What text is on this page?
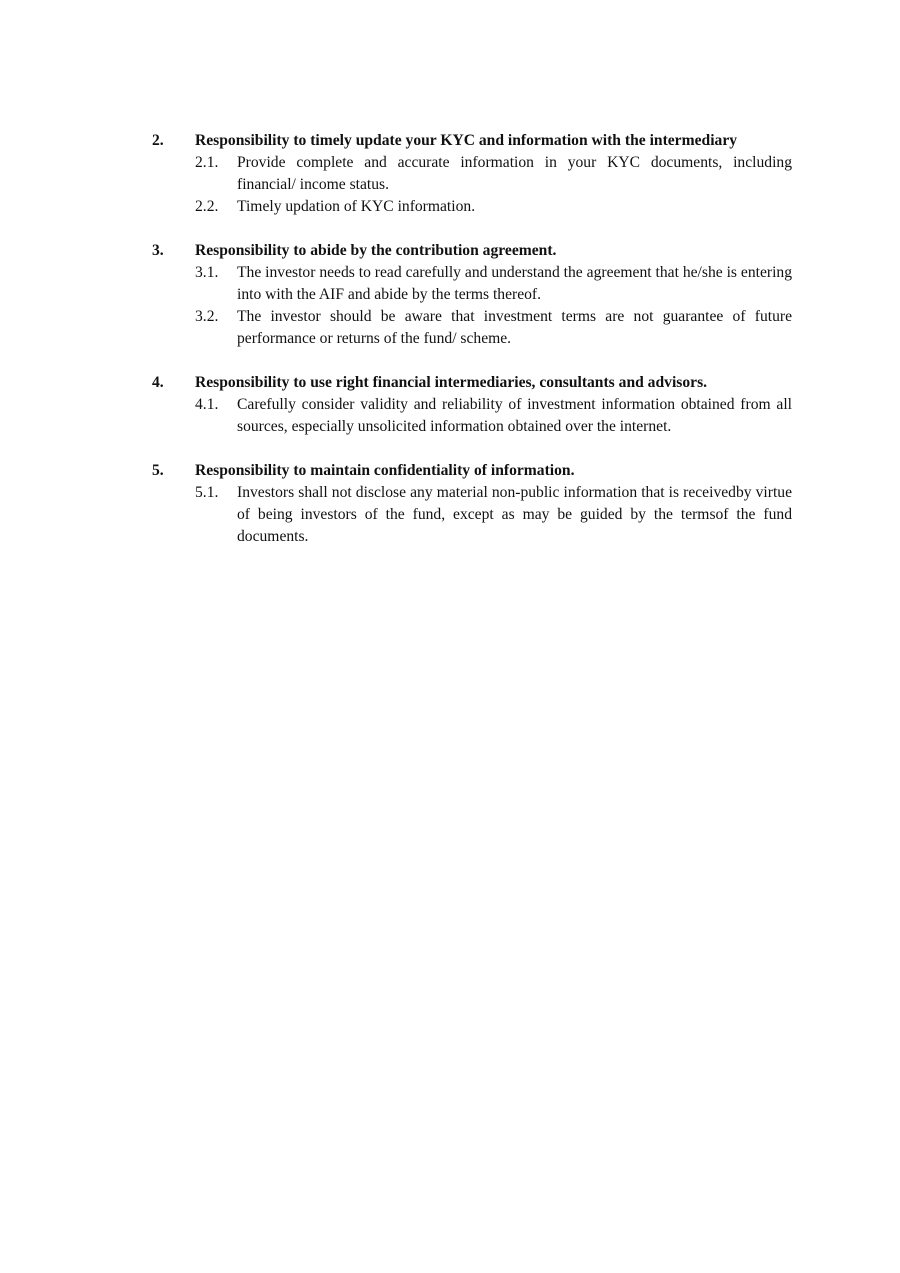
2.	Responsibility to timely update your KYC and information with the intermediary
2.1.	Provide complete and accurate information in your KYC documents, including financial/ income status.
2.2.	Timely updation of KYC information.
3.	Responsibility to abide by the contribution agreement.
3.1.	The investor needs to read carefully and understand the agreement that he/she is entering into with the AIF and abide by the terms thereof.
3.2.	The investor should be aware that investment terms are not guarantee of future performance or returns of the fund/ scheme.
4.	Responsibility to use right financial intermediaries, consultants and advisors.
4.1.	Carefully consider validity and reliability of investment information obtained from all sources, especially unsolicited information obtained over the internet.
5.	Responsibility to maintain confidentiality of information.
5.1.	Investors shall not disclose any material non-public information that is receivedby virtue of being investors of the fund, except as may be guided by the termsof the fund documents.
